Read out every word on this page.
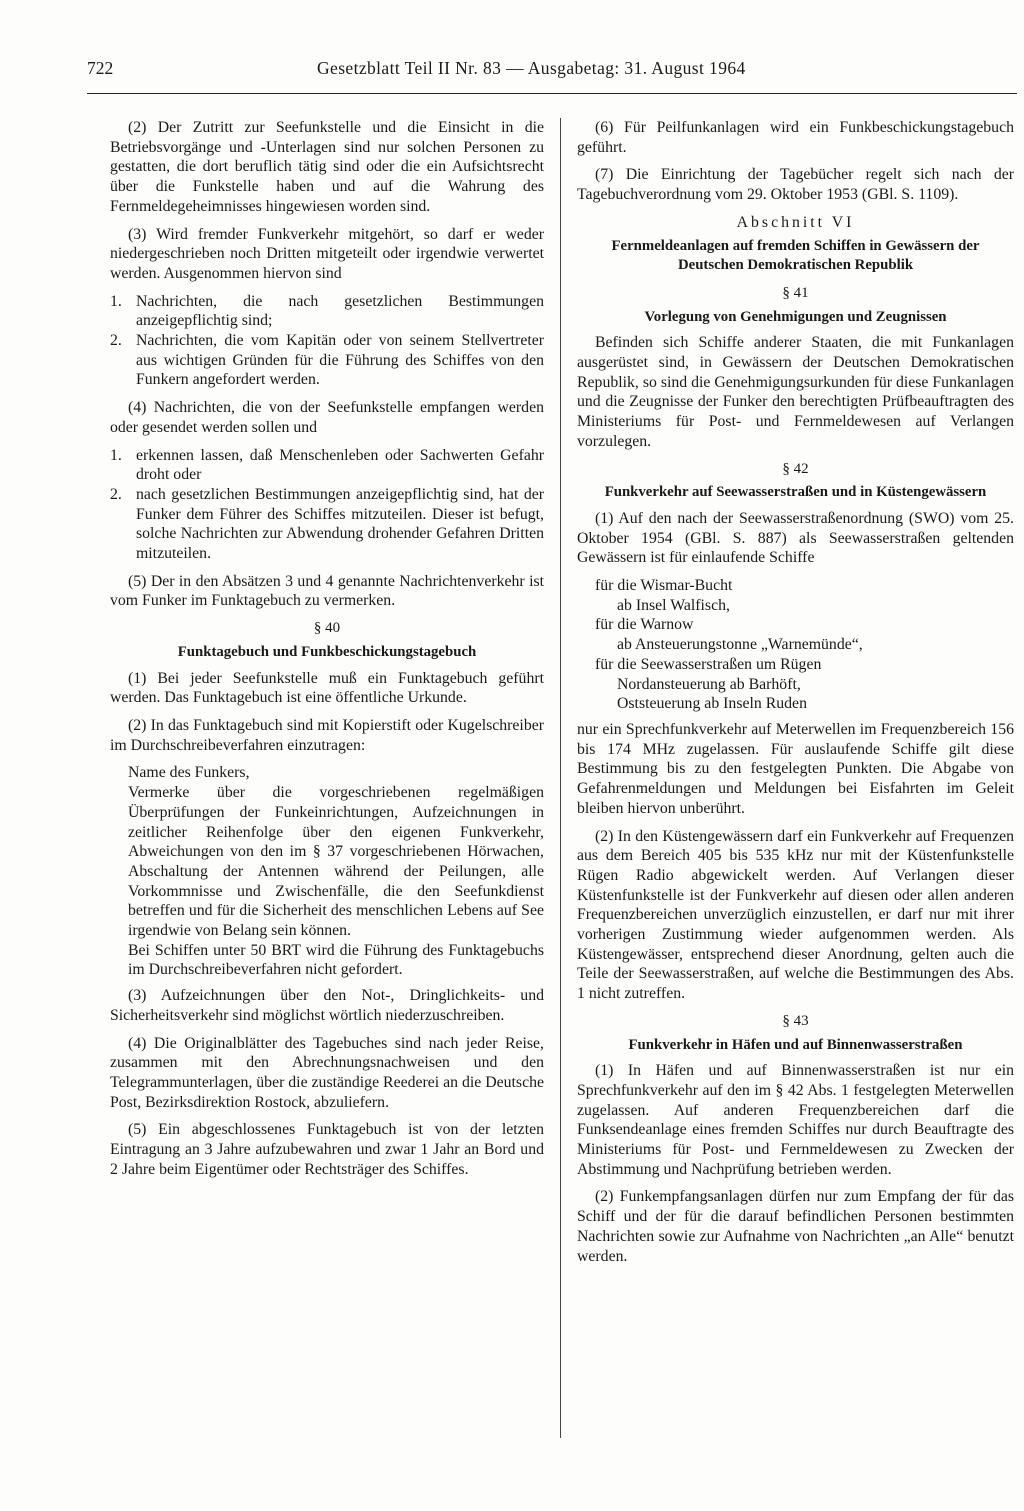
722	Gesetzblatt Teil II Nr. 83 — Ausgabetag: 31. August 1964

(2) Der Zutritt zur Seefunkstelle und die Einsicht in die Betriebsvorgänge und -Unterlagen sind nur solchen Personen zu gestatten, die dort beruflich tätig sind oder die ein Aufsichtsrecht über die Funkstelle haben und auf die Wahrung des Fernmeldegeheimnisses hingewiesen worden sind.

(3) Wird fremder Funkverkehr mitgehört, so darf er weder niedergeschrieben noch Dritten mitgeteilt oder irgendwie verwertet werden. Ausgenommen hiervon sind

1. Nachrichten, die nach gesetzlichen Bestimmungen anzeigepflichtig sind;
2. Nachrichten, die vom Kapitän oder von seinem Stellvertreter aus wichtigen Gründen für die Führung des Schiffes von den Funkern angefordert werden.

(4) Nachrichten, die von der Seefunkstelle empfangen werden oder gesendet werden sollen und

1. erkennen lassen, daß Menschenleben oder Sachwerten Gefahr droht oder
2. nach gesetzlichen Bestimmungen anzeigepflichtig sind, hat der Funker dem Führer des Schiffes mitzuteilen. Dieser ist befugt, solche Nachrichten zur Abwendung drohender Gefahren Dritten mitzuteilen.

(5) Der in den Absätzen 3 und 4 genannte Nachrichtenverkehr ist vom Funker im Funktagebuch zu vermerken.

§ 40
Funktagebuch und Funkbeschickungstagebuch

(1) Bei jeder Seefunkstelle muß ein Funktagebuch geführt werden. Das Funktagebuch ist eine öffentliche Urkunde.

(2) In das Funktagebuch sind mit Kopierstift oder Kugelschreiber im Durchschreibeverfahren einzutragen:

Name des Funkers,
Vermerke über die vorgeschriebenen regelmäßigen Überprüfungen der Funkeinrichtungen, Aufzeichnungen in zeitlicher Reihenfolge über den eigenen Funkverkehr, Abweichungen von den im § 37 vorgeschriebenen Hörwachen, Abschaltung der Antennen während der Peilungen, alle Vorkommnisse und Zwischenfälle, die den Seefunkdienst betreffen und für die Sicherheit des menschlichen Lebens auf See irgendwie von Belang sein können.
Bei Schiffen unter 50 BRT wird die Führung des Funktagebuchs im Durchschreibeverfahren nicht gefordert.

(3) Aufzeichnungen über den Not-, Dringlichkeits- und Sicherheitsverkehr sind möglichst wörtlich niederzuschreiben.

(4) Die Originalblätter des Tagebuches sind nach jeder Reise, zusammen mit den Abrechnungsnachweisen und den Telegrammunterlagen, über die zuständige Reederei an die Deutsche Post, Bezirksdirektion Rostock, abzuliefern.

(5) Ein abgeschlossenes Funktagebuch ist von der letzten Eintragung an 3 Jahre aufzubewahren und zwar 1 Jahr an Bord und 2 Jahre beim Eigentümer oder Rechtsträger des Schiffes.

(6) Für Peilfunkanlagen wird ein Funkbeschickungstagebuch geführt.

(7) Die Einrichtung der Tagebücher regelt sich nach der Tagebuchverordnung vom 29. Oktober 1953 (GBl. S. 1109).

Abschnitt VI
Fernmeldeanlagen auf fremden Schiffen in Gewässern der Deutschen Demokratischen Republik
§ 41
Vorlegung von Genehmigungen und Zeugnissen

Befinden sich Schiffe anderer Staaten, die mit Funkanlagen ausgerüstet sind, in Gewässern der Deutschen Demokratischen Republik, so sind die Genehmigungsurkunden für diese Funkanlagen und die Zeugnisse der Funker den berechtigten Prüfbeauftragten des Ministeriums für Post- und Fernmeldewesen auf Verlangen vorzulegen.

§ 42
Funkverkehr auf Seewasserstraßen und in Küstengewässern

(1) Auf den nach der Seewasserstraßenordnung (SWO) vom 25. Oktober 1954 (GBl. S. 887) als Seewasserstraßen geltenden Gewässern ist für einlaufende Schiffe

für die Wismar-Bucht
ab Insel Walfisch,
für die Warnow
ab Ansteuerungstonne „Warnemünde“,
für die Seewasserstraßen um Rügen
Nordansteuerung ab Barhöft,
Oststeuerung ab Inseln Ruden

nur ein Sprechfunkverkehr auf Meterwellen im Frequenzbereich 156 bis 174 MHz zugelassen. Für auslaufende Schiffe gilt diese Bestimmung bis zu den festgelegten Punkten. Die Abgabe von Gefahrenmeldungen und Meldungen bei Eisfahrten im Geleit bleiben hiervon unberührt.

(2) In den Küstengewässern darf ein Funkverkehr auf Frequenzen aus dem Bereich 405 bis 535 kHz nur mit der Küstenfunkstelle Rügen Radio abgewickelt werden. Auf Verlangen dieser Küstenfunkstelle ist der Funkverkehr auf diesen oder allen anderen Frequenzbereichen unverzüglich einzustellen, er darf nur mit ihrer vorherigen Zustimmung wieder aufgenommen werden. Als Küstengewässer, entsprechend dieser Anordnung, gelten auch die Teile der Seewasserstraßen, auf welche die Bestimmungen des Abs. 1 nicht zutreffen.

§ 43
Funkverkehr in Häfen und auf Binnenwasserstraßen

(1) In Häfen und auf Binnenwasserstraßen ist nur ein Sprechfunkverkehr auf den im § 42 Abs. 1 festgelegten Meterwellen zugelassen. Auf anderen Frequenzbereichen darf die Funksendeanlage eines fremden Schiffes nur durch Beauftragte des Ministeriums für Post- und Fernmeldewesen zu Zwecken der Abstimmung und Nachprüfung betrieben werden.

(2) Funkempfangsanlagen dürfen nur zum Empfang der für das Schiff und der für die darauf befindlichen Personen bestimmten Nachrichten sowie zur Aufnahme von Nachrichten „an Alle“ benutzt werden.
